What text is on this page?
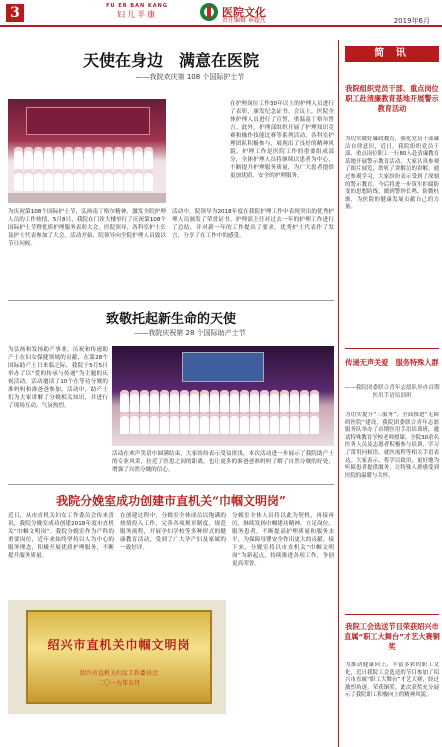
3	FU ER BAN KANG
妇儿半康	医院文化
责任编辑 章超凡	2019年6月
天使在身边　满意在医院
——我院欢庆第 108 个国际护士节
为庆祝第108个国际护士节，弘扬南丁格尔精神，激发全院护理人员的工作热情，5月8日，我院在门诊大楼举行了庆祝第108个国际护士节暨优质护理服务表彰大会，医院领导、各科室护士长及护士代表参加了大会。活动开始，院领导向全院护理人员致以节日问候。
活动中，院领导为2018年度在我院护理工作中表现突出的优秀护理人员颁发了荣誉证书。护理部主任对过去一年的护理工作进行了总结，并对新一年的工作提出了要求。优秀护士代表作了发言，分享了在工作中的感受。
在护理岗位工作30年以上的护理人员进行了表彰，颁发纪念证书。会议上，医院全体护理人员进行了宣誓，重温南丁格尔誓言。此外，护理部组织开展了护理知识竞赛和操作技能比赛等系列活动，各科室护理团队积极参与，展现出了良好的精神风貌。护理工作是医院工作的重要组成部分，全体护理人员将继续以患者为中心，不断提升护理服务质量，为广大患者提供更加优质、安全的护理服务。
致敬托起新生命的天使
——我院庆祝第 28 个国际助产士节
为弘扬和发扬助产事业，庆祝和传递助产士在妇女保健领域的贡献，在第28个国际助产士日来临之际，我院于5月5日举办了以“爱的传承与传递”为主题的庆祝活动。活动邀请了10个在等待分娩的准妈妈和准爸爸参加。活动中，助产士们为大家讲解了分娩相关知识，并进行了现场互动，气氛热烈。
活动在欢声笑语中圆满结束，大家纷纷表示受益匪浅。本次活动进一步展示了我院助产士的专业风采，拉近了医患之间的距离，也让更多的准爸爸准妈妈了解了自然分娩的好处，增强了自然分娩的信心。
我院分娩室成功创建市直机关“巾帼文明岗”
近日，从市直机关妇女工作委员会传来喜讯，我院分娩室成功创建2018年度市直机关“巾帼文明岗”。我院分娩室作为产科的重要岗位，近年来始终坚持以人为中心的服务理念，积极开展优质护理服务，不断提升服务质量。
在创建过程中，分娩室全体成员以饱满的热情投入工作，完善各项规章制度，规范服务流程，开展孕妇学校等多种形式的健康教育活动，受到了广大孕产妇及家属的一致好评。
分娩室全体人员将以此为契机，再接再厉，继续发扬巾帼建功精神，立足岗位、服务患者，不断提高护理质量和服务水平，为保障母婴安全作出更大的贡献。接下来，分娩室将以市直机关“巾帼文明岗”为新起点，持续推进各项工作，争创更高荣誉。
绍兴市直机关巾帼文明岗
绍兴市直机关妇女工作委员会
二〇一九年五月
简 讯
我院组织党员干部、重点岗位职工赴清廉教育基地开展警示教育活动
为切实做好廉政教育，强化党员干部廉洁自律意识，近日，我院组织党员干部、重点岗位职工一行80人赴清廉教育基地开展警示教育活动。大家认真参观了图片展览，聆听了讲解员的讲解。通过参观学习，大家纷纷表示受到了深刻的警示教育，今后将进一步筑牢拒腐防变的思想防线，做到警钟长鸣、防微杜渐，为医院的健康发展贡献自己的力量。
传递无声关爱　服务特殊人群
——我院团委联合青年志愿队举办首期医用手语培训班
为切实提升“三服务”，全面推进“无障碍医院”建设，我院团委联合青年志愿服务队举办了首期医用手语培训班，邀请特殊教育学校老师授课。全院30余名医务人员及志愿者积极参与培训，学习了常用问候语、就医流程等相关手语表达。大家表示，将学以致用，更好地为听障患者提供服务，让特殊人群感受到医院的温暖与关怀。
我院工会选送节目荣获绍兴市直属“职工大舞台”才艺大赛铜奖
为推动健康向上、丰富多彩的职工文化，近日我院工会选送的节目参加了绍兴市直属“职工大舞台”才艺大赛，经过激烈角逐，荣获铜奖。此次获奖充分展示了我院职工积极向上的精神风貌。
